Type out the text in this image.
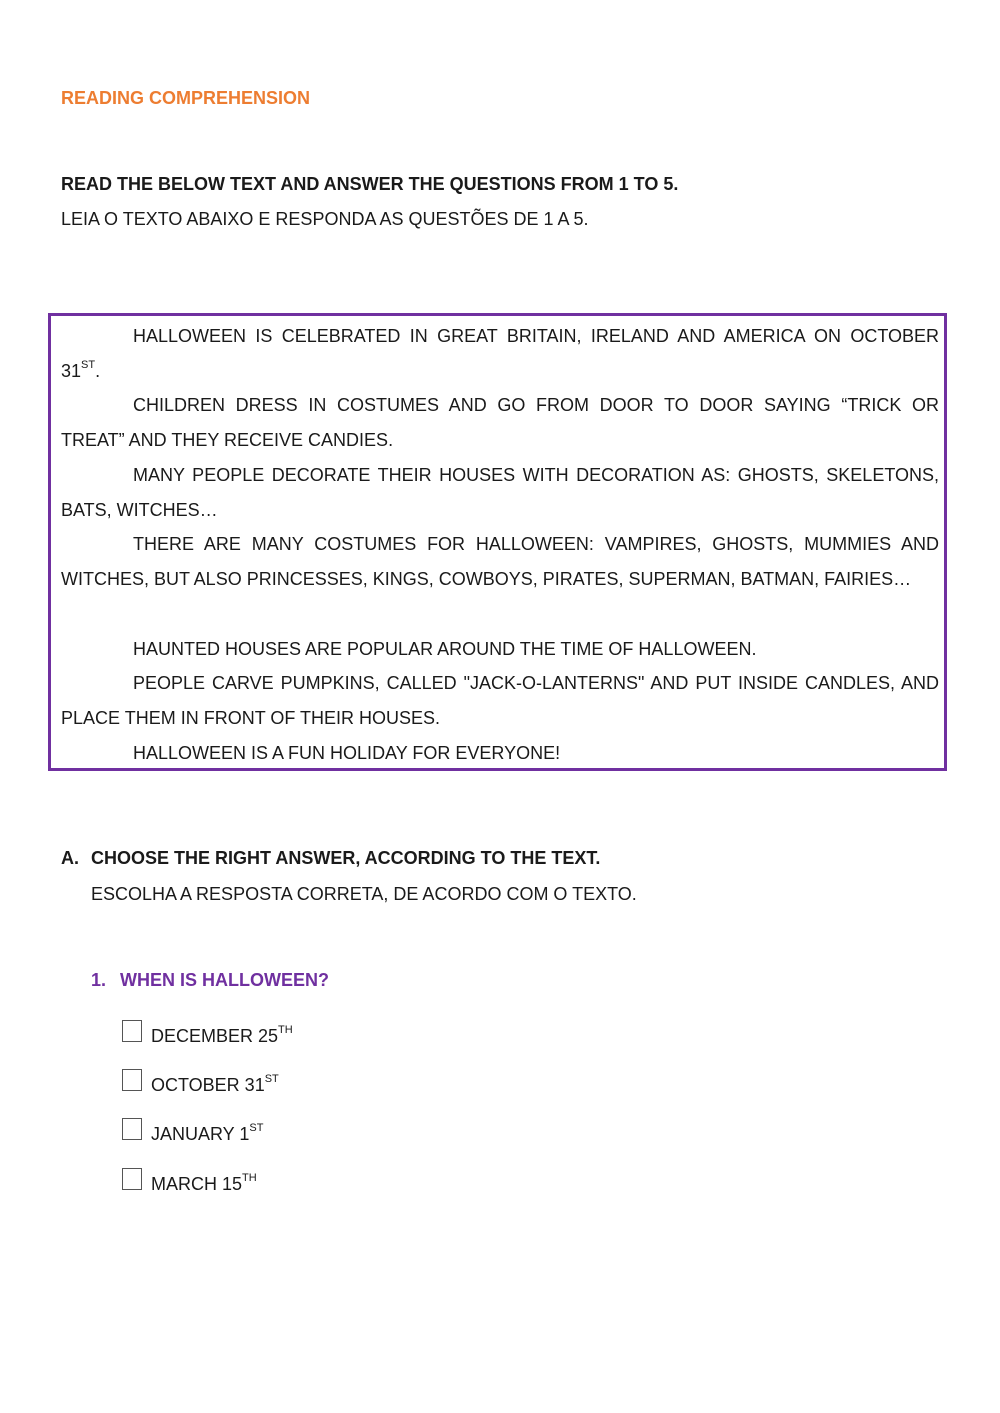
READING COMPREHENSION
READ THE BELOW TEXT AND ANSWER THE QUESTIONS FROM 1 TO 5.
LEIA O TEXTO ABAIXO E RESPONDA AS QUESTÕES DE 1 A 5.

HALLOWEEN IS CELEBRATED IN GREAT BRITAIN, IRELAND AND AMERICA ON OCTOBER 31ST.

CHILDREN DRESS IN COSTUMES AND GO FROM DOOR TO DOOR SAYING “TRICK OR TREAT” AND THEY RECEIVE CANDIES.

MANY PEOPLE DECORATE THEIR HOUSES WITH DECORATION AS: GHOSTS, SKELETONS, BATS, WITCHES…

THERE ARE MANY COSTUMES FOR HALLOWEEN: VAMPIRES, GHOSTS, MUMMIES AND WITCHES, BUT ALSO PRINCESSES, KINGS, COWBOYS, PIRATES, SUPERMAN, BATMAN, FAIRIES…

HAUNTED HOUSES ARE POPULAR AROUND THE TIME OF HALLOWEEN.

PEOPLE CARVE PUMPKINS, CALLED "JACK-O-LANTERNS" AND PUT INSIDE CANDLES, AND PLACE THEM IN FRONT OF THEIR HOUSES.

HALLOWEEN IS A FUN HOLIDAY FOR EVERYONE!

A. CHOOSE THE RIGHT ANSWER, ACCORDING TO THE TEXT.
ESCOLHA A RESPOSTA CORRETA, DE ACORDO COM O TEXTO.
1. WHEN IS HALLOWEEN?
DECEMBER 25TH
OCTOBER 31ST
JANUARY 1ST
MARCH 15TH
